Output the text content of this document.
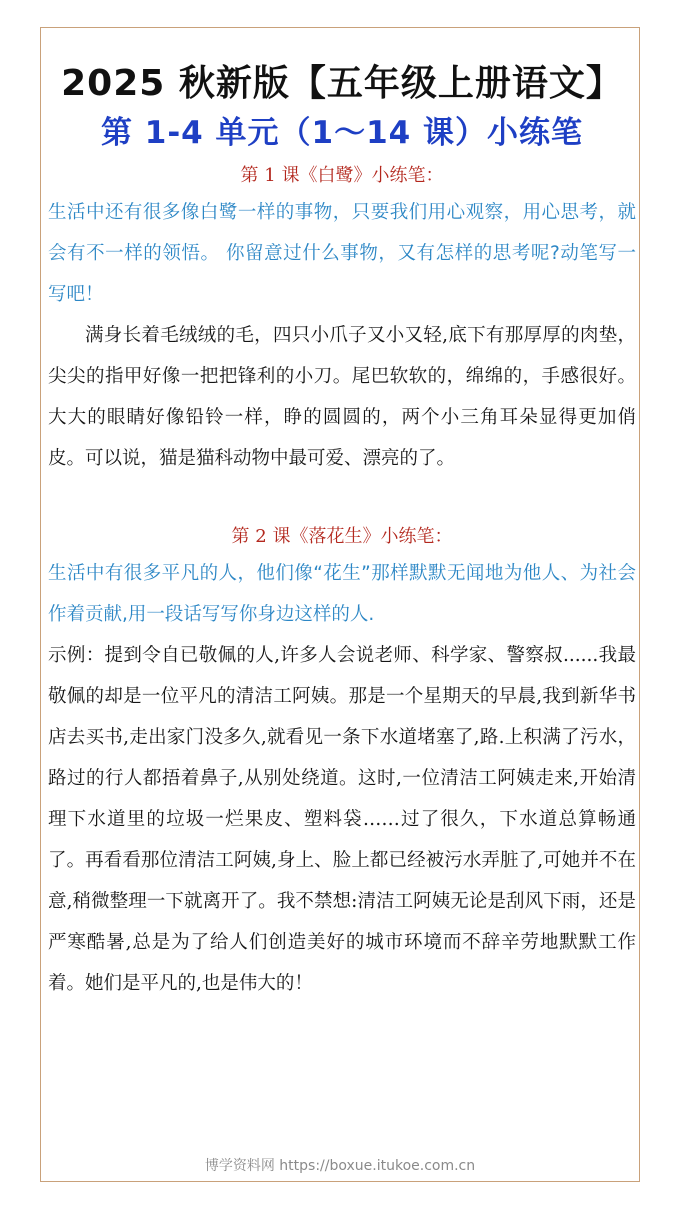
2025 秋新版【五年级上册语文】
第 1-4 单元（1～14 课）小练笔
第 1 课《白鹭》小练笔：

生活中还有很多像白鹭一样的事物，只要我们用心观察，用心思考，就会有不一样的领悟。 你留意过什么事物，又有怎样的思考呢?动笔写一写吧！

满身长着毛绒绒的毛，四只小爪子又小又轻,底下有那厚厚的肉垫，尖尖的指甲好像一把把锋利的小刀。尾巴软软的，绵绵的，手感很好。大大的眼睛好像铅铃一样，睁的圆圆的，两个小三角耳朵显得更加俏皮。可以说，猫是猫科动物中最可爱、漂亮的了。

第 2 课《落花生》小练笔：

生活中有很多平凡的人，他们像“花生”那样默默无闻地为他人、为社会作着贡献,用一段话写写你身边这样的人.

示例：提到令自已敬佩的人,许多人会说老师、科学家、警察叔......我最敬佩的却是一位平凡的清洁工阿姨。那是一个星期天的早晨,我到新华书店去买书,走出家门没多久,就看见一条下水道堵塞了,路.上积满了污水，路过的行人都捂着鼻子,从别处绕道。这时,一位清洁工阿姨走来,开始清理下水道里的垃圾一烂果皮、塑料袋……过了很久，下水道总算畅通了。再看看那位清洁工阿姨,身上、脸上都已经被污水弄脏了,可她并不在意,稍微整理一下就离开了。我不禁想:清洁工阿姨无论是刮风下雨，还是严寒酷暑,总是为了给人们创造美好的城市环境而不辞辛劳地默默工作着。她们是平凡的,也是伟大的！

博学资料网 https://boxue.itukoe.com.cn
